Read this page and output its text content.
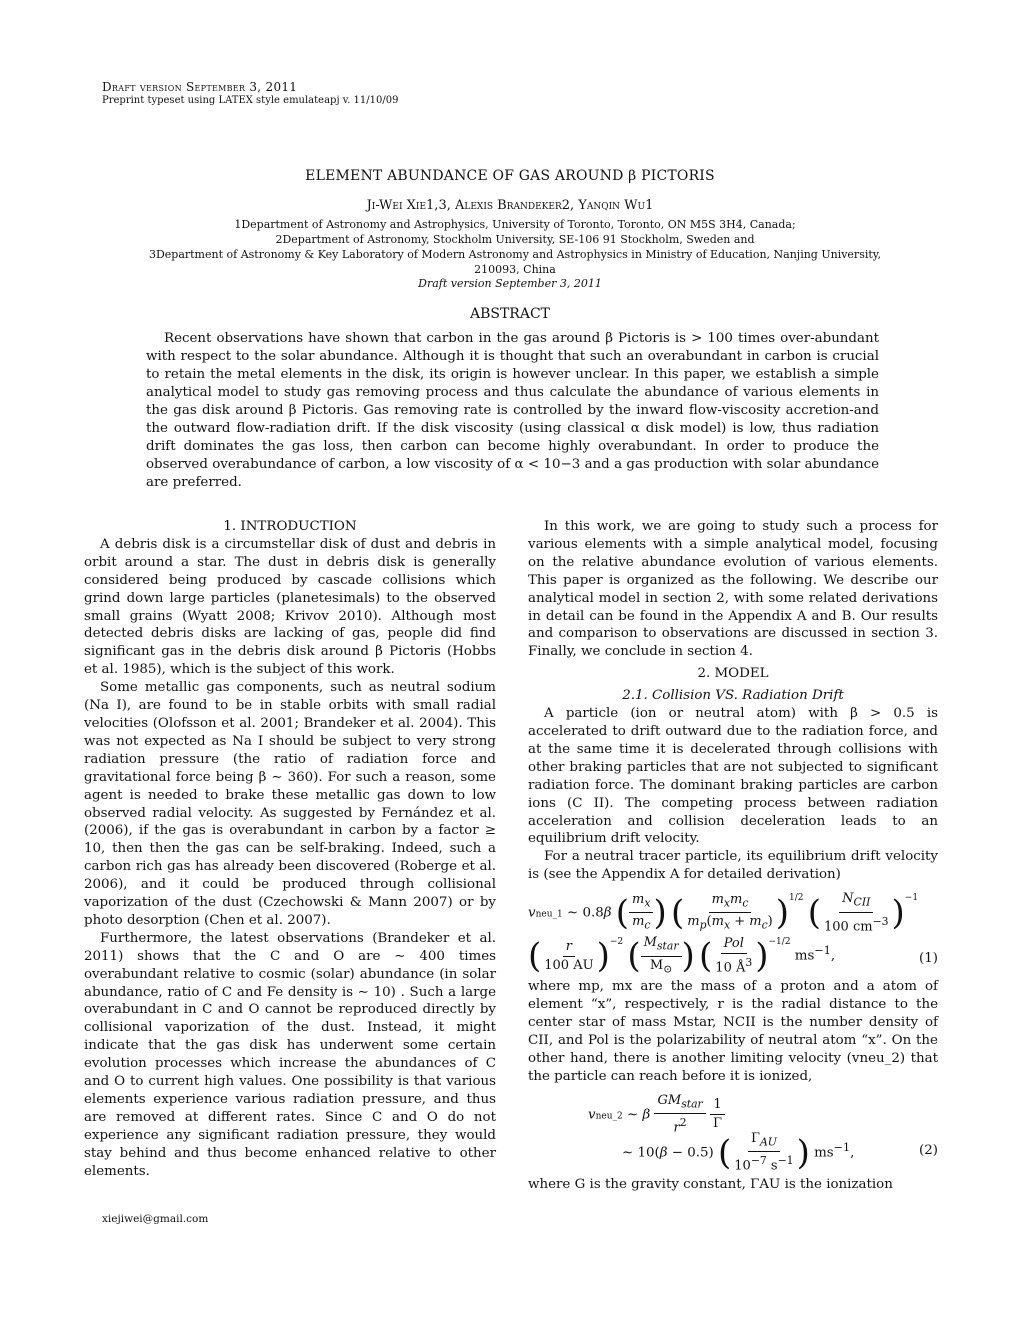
Draft version September 3, 2011
Preprint typeset using LATEX style emulateapj v. 11/10/09
ELEMENT ABUNDANCE OF GAS AROUND β PICTORIS
Ji-Wei Xie1,3, Alexis Brandeker2, Yanqin Wu1
1Department of Astronomy and Astrophysics, University of Toronto, Toronto, ON M5S 3H4, Canada;
2Department of Astronomy, Stockholm University, SE-106 91 Stockholm, Sweden and
3Department of Astronomy & Key Laboratory of Modern Astronomy and Astrophysics in Ministry of Education, Nanjing University,
210093, China
Draft version September 3, 2011
ABSTRACT
Recent observations have shown that carbon in the gas around β Pictoris is > 100 times over-abundant with respect to the solar abundance. Although it is thought that such an overabundant in carbon is crucial to retain the metal elements in the disk, its origin is however unclear. In this paper, we establish a simple analytical model to study gas removing process and thus calculate the abundance of various elements in the gas disk around β Pictoris. Gas removing rate is controlled by the inward flow-viscosity accretion-and the outward flow-radiation drift. If the disk viscosity (using classical α disk model) is low, thus radiation drift dominates the gas loss, then carbon can become highly overabundant. In order to produce the observed overabundance of carbon, a low viscosity of α < 10−3 and a gas production with solar abundance are preferred.

1. INTRODUCTION

A debris disk is a circumstellar disk of dust and debris in orbit around a star. The dust in debris disk is generally considered being produced by cascade collisions which grind down large particles (planetesimals) to the observed small grains (Wyatt 2008; Krivov 2010). Although most detected debris disks are lacking of gas, people did find significant gas in the debris disk around β Pictoris (Hobbs et al. 1985), which is the subject of this work.

Some metallic gas components, such as neutral sodium (Na I), are found to be in stable orbits with small radial velocities (Olofsson et al. 2001; Brandeker et al. 2004). This was not expected as Na I should be subject to very strong radiation pressure (the ratio of radiation force and gravitational force being β ∼ 360). For such a reason, some agent is needed to brake these metallic gas down to low observed radial velocity. As suggested by Fernández et al. (2006), if the gas is overabundant in carbon by a factor ≥ 10, then then the gas can be self-braking. Indeed, such a carbon rich gas has already been discovered (Roberge et al. 2006), and it could be produced through collisional vaporization of the dust (Czechowski & Mann 2007) or by photo desorption (Chen et al. 2007).

Furthermore, the latest observations (Brandeker et al. 2011) shows that the C and O are ∼ 400 times overabundant relative to cosmic (solar) abundance (in solar abundance, ratio of C and Fe density is ∼ 10) . Such a large overabundant in C and O cannot be reproduced directly by collisional vaporization of the dust. Instead, it might indicate that the gas disk has underwent some certain evolution processes which increase the abundances of C and O to current high values. One possibility is that various elements experience various radiation pressure, and thus are removed at different rates. Since C and O do not experience any significant radiation pressure, they would stay behind and thus become enhanced relative to other elements.

xiejiwei@gmail.com

In this work, we are going to study such a process for various elements with a simple analytical model, focusing on the relative abundance evolution of various elements. This paper is organized as the following. We describe our analytical model in section 2, with some related derivations in detail can be found in the Appendix A and B. Our results and comparison to observations are discussed in section 3. Finally, we conclude in section 4.

2. MODEL

2.1. Collision VS. Radiation Drift

A particle (ion or neutral atom) with β > 0.5 is accelerated to drift outward due to the radiation force, and at the same time it is decelerated through collisions with other braking particles that are not subjected to significant radiation force. The dominant braking particles are carbon ions (C II). The competing process between radiation acceleration and collision deceleration leads to an equilibrium drift velocity.

For a neutral tracer particle, its equilibrium drift velocity is (see the Appendix A for detailed derivation)

vneu_1 ∼ 0.8β ( $\frac{m_x}{m_c}$ ) ( $\frac{m_xm_c}{m_p(m_x + m_c)} )^{1/2}$ ( $\frac{N_{CII}}{100 cm^{-3}} )^{-1}$
( $\frac{r}{100 AU} )^{-2}$ ( $\frac{M_{star}}{M_⊙}$ ) ( $\frac{\text{Pol}}{10 Å^3} )^{-1/2}$ $ms^{-1}$,	(1)

where mp, mx are the mass of a proton and a atom of element “x”, respectively, r is the radial distance to the center star of mass Mstar, NCII is the number density of CII, and Pol is the polarizability of neutral atom “x”. On the other hand, there is another limiting velocity (vneu_2) that the particle can reach before it is ionized,

vneu_2 ∼ β $\frac{GM_{star}}{r^2}$
$\frac{1}{\Gamma}$
∼ 10(β − 0.5) ( $\frac{\Gamma_{AU}}{10^{-7} s^{-1}}$ ) $ms^{-1}$,	(2)

where G is the gravity constant, ΓAU is the ionization
